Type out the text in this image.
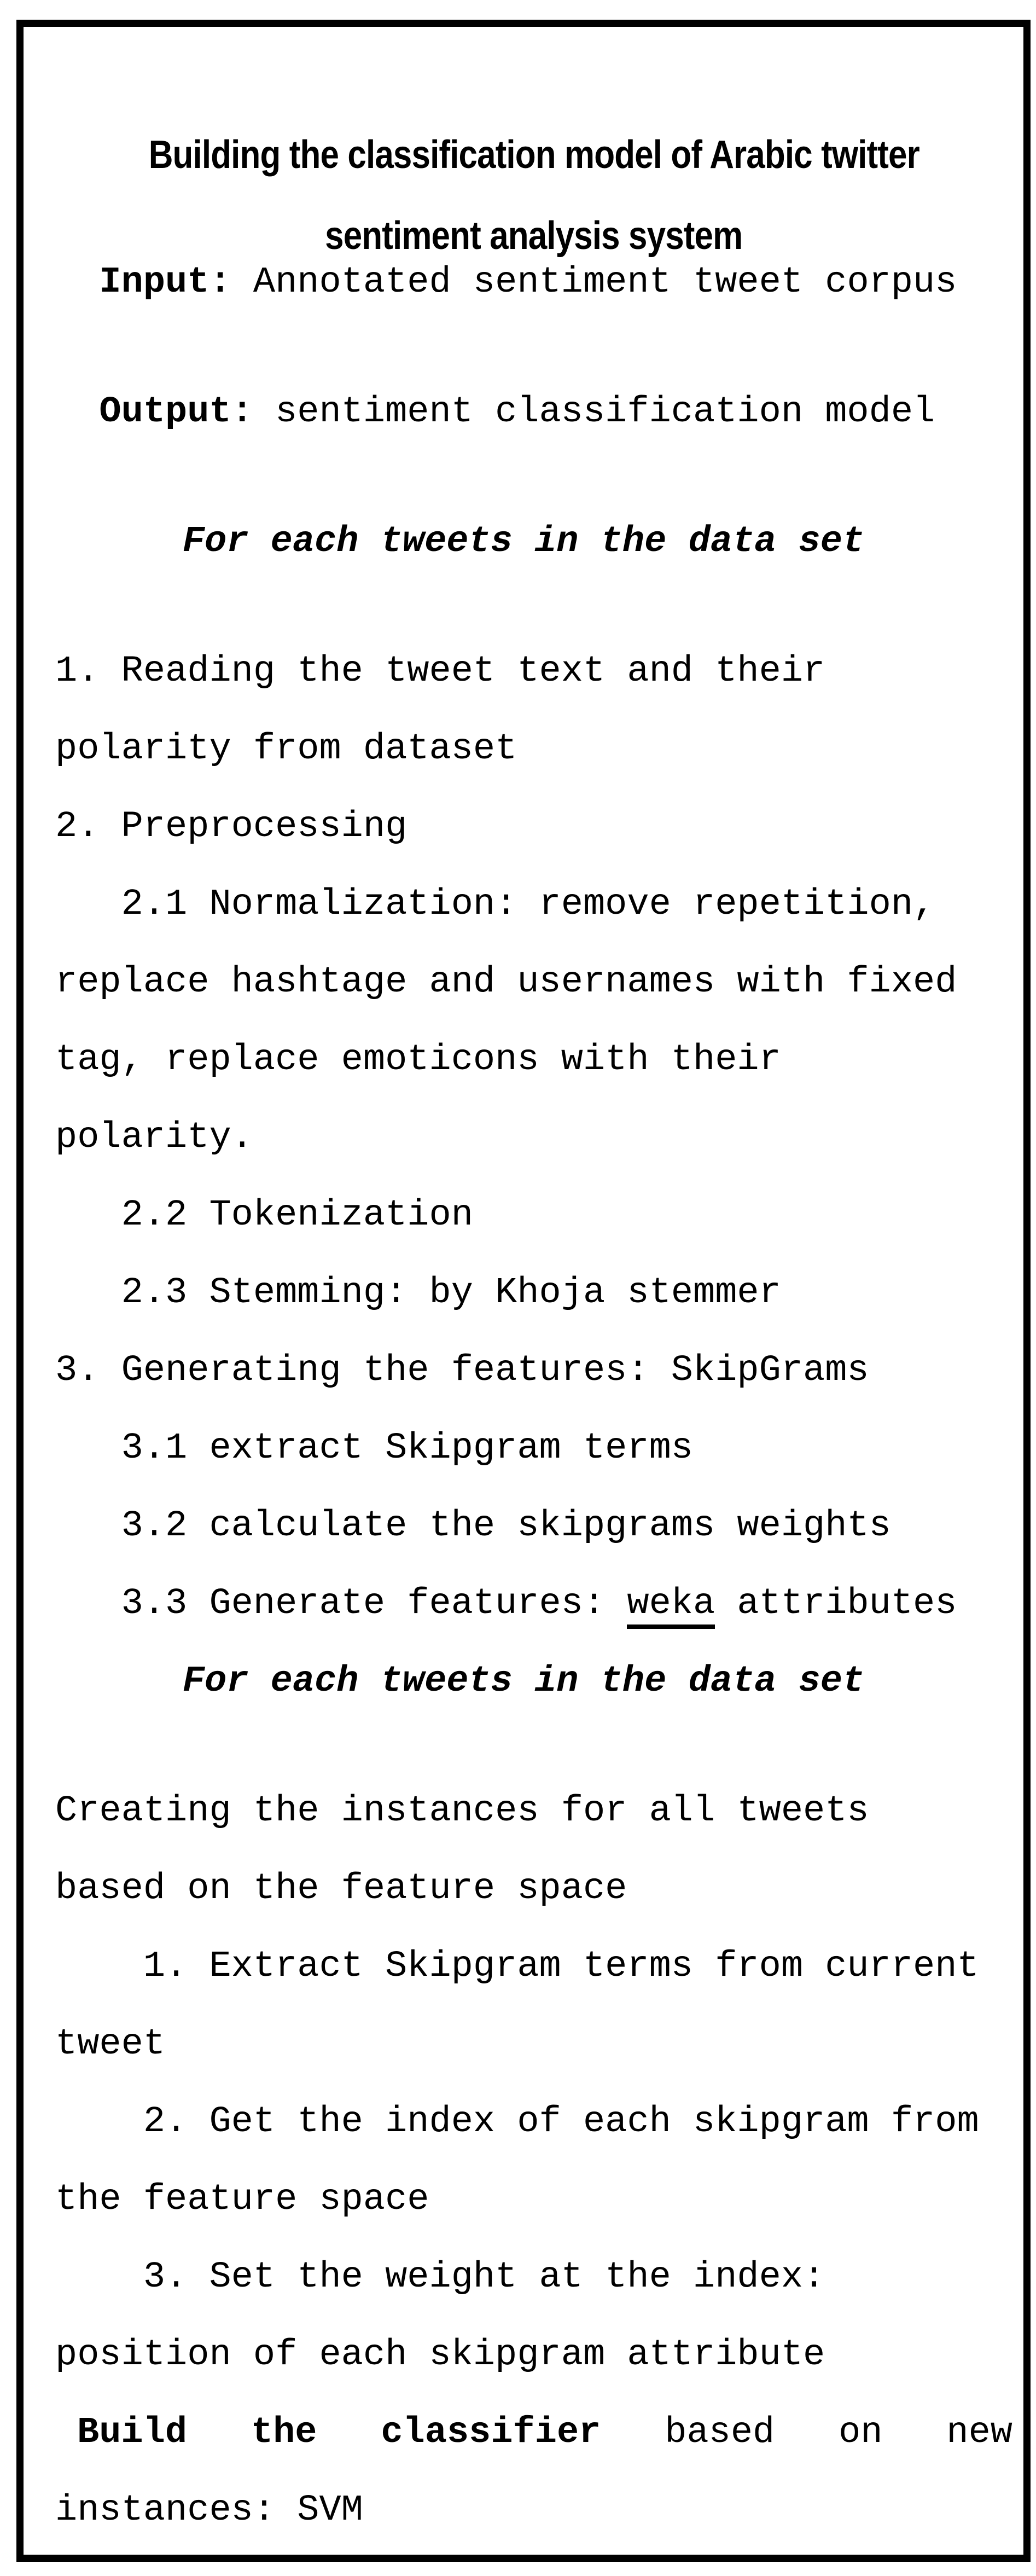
Building the classification model of Arabic twitter

sentiment analysis system

Input: Annotated sentiment tweet corpus
Output: sentiment classification model
For each tweets in the data set
1. Reading the tweet text and their
polarity from dataset
2. Preprocessing
2.1 Normalization: remove repetition,
replace hashtage and usernames with fixed
tag, replace emoticons with their
polarity.
2.2 Tokenization
2.3 Stemming: by Khoja stemmer
3. Generating the features: SkipGrams
3.1 extract Skipgram terms
3.2 calculate the skipgrams weights
3.3 Generate features: weka attributes
For each tweets in the data set
Creating the instances for all tweets
based on the feature space
1. Extract Skipgram terms from current
tweet
2. Get the index of each skipgram from
the feature space
3. Set the weight at the index:
position of each skipgram attribute
Build the classifier based on new
instances: SVM
